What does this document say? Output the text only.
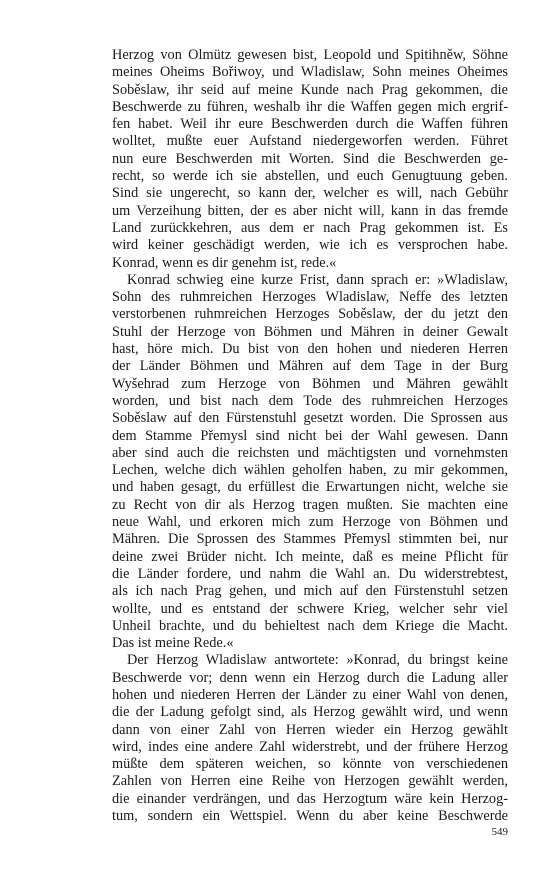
Herzog von Olmütz gewesen bist, Leopold und Spitihněw, Söhne
meines Oheims Bořiwoy, und Wladislaw, Sohn meines Oheimes
Soběslaw, ihr seid auf meine Kunde nach Prag gekommen, die
Beschwerde zu führen, weshalb ihr die Waffen gegen mich ergrif-
fen habet. Weil ihr eure Beschwerden durch die Waffen führen
wolltet, mußte euer Aufstand niedergeworfen werden. Führet
nun eure Beschwerden mit Worten. Sind die Beschwerden ge-
recht, so werde ich sie abstellen, und euch Genugtuung geben.
Sind sie ungerecht, so kann der, welcher es will, nach Gebühr
um Verzeihung bitten, der es aber nicht will, kann in das fremde
Land zurückkehren, aus dem er nach Prag gekommen ist. Es
wird keiner geschädigt werden, wie ich es versprochen habe.
Konrad, wenn es dir genehm ist, rede.«
Konrad schwieg eine kurze Frist, dann sprach er: »Wladislaw,
Sohn des ruhmreichen Herzoges Wladislaw, Neffe des letzten
verstorbenen ruhmreichen Herzoges Soběslaw, der du jetzt den
Stuhl der Herzoge von Böhmen und Mähren in deiner Gewalt
hast, höre mich. Du bist von den hohen und niederen Herren
der Länder Böhmen und Mähren auf dem Tage in der Burg
Wyšehrad zum Herzoge von Böhmen und Mähren gewählt
worden, und bist nach dem Tode des ruhmreichen Herzoges
Soběslaw auf den Fürstenstuhl gesetzt worden. Die Sprossen aus
dem Stamme Přemysl sind nicht bei der Wahl gewesen. Dann
aber sind auch die reichsten und mächtigsten und vornehmsten
Lechen, welche dich wählen geholfen haben, zu mir gekommen,
und haben gesagt, du erfüllest die Erwartungen nicht, welche sie
zu Recht von dir als Herzog tragen mußten. Sie machten eine
neue Wahl, und erkoren mich zum Herzoge von Böhmen und
Mähren. Die Sprossen des Stammes Přemysl stimmten bei, nur
deine zwei Brüder nicht. Ich meinte, daß es meine Pflicht für
die Länder fordere, und nahm die Wahl an. Du widerstrebtest,
als ich nach Prag gehen, und mich auf den Fürstenstuhl setzen
wollte, und es entstand der schwere Krieg, welcher sehr viel
Unheil brachte, und du behieltest nach dem Kriege die Macht.
Das ist meine Rede.«
Der Herzog Wladislaw antwortete: »Konrad, du bringst keine
Beschwerde vor; denn wenn ein Herzog durch die Ladung aller
hohen und niederen Herren der Länder zu einer Wahl von denen,
die der Ladung gefolgt sind, als Herzog gewählt wird, und wenn
dann von einer Zahl von Herren wieder ein Herzog gewählt
wird, indes eine andere Zahl widerstrebt, und der frühere Herzog
müßte dem späteren weichen, so könnte von verschiedenen
Zahlen von Herren eine Reihe von Herzogen gewählt werden,
die einander verdrängen, und das Herzogtum wäre kein Herzog-
tum, sondern ein Wettspiel. Wenn du aber keine Beschwerde
549
